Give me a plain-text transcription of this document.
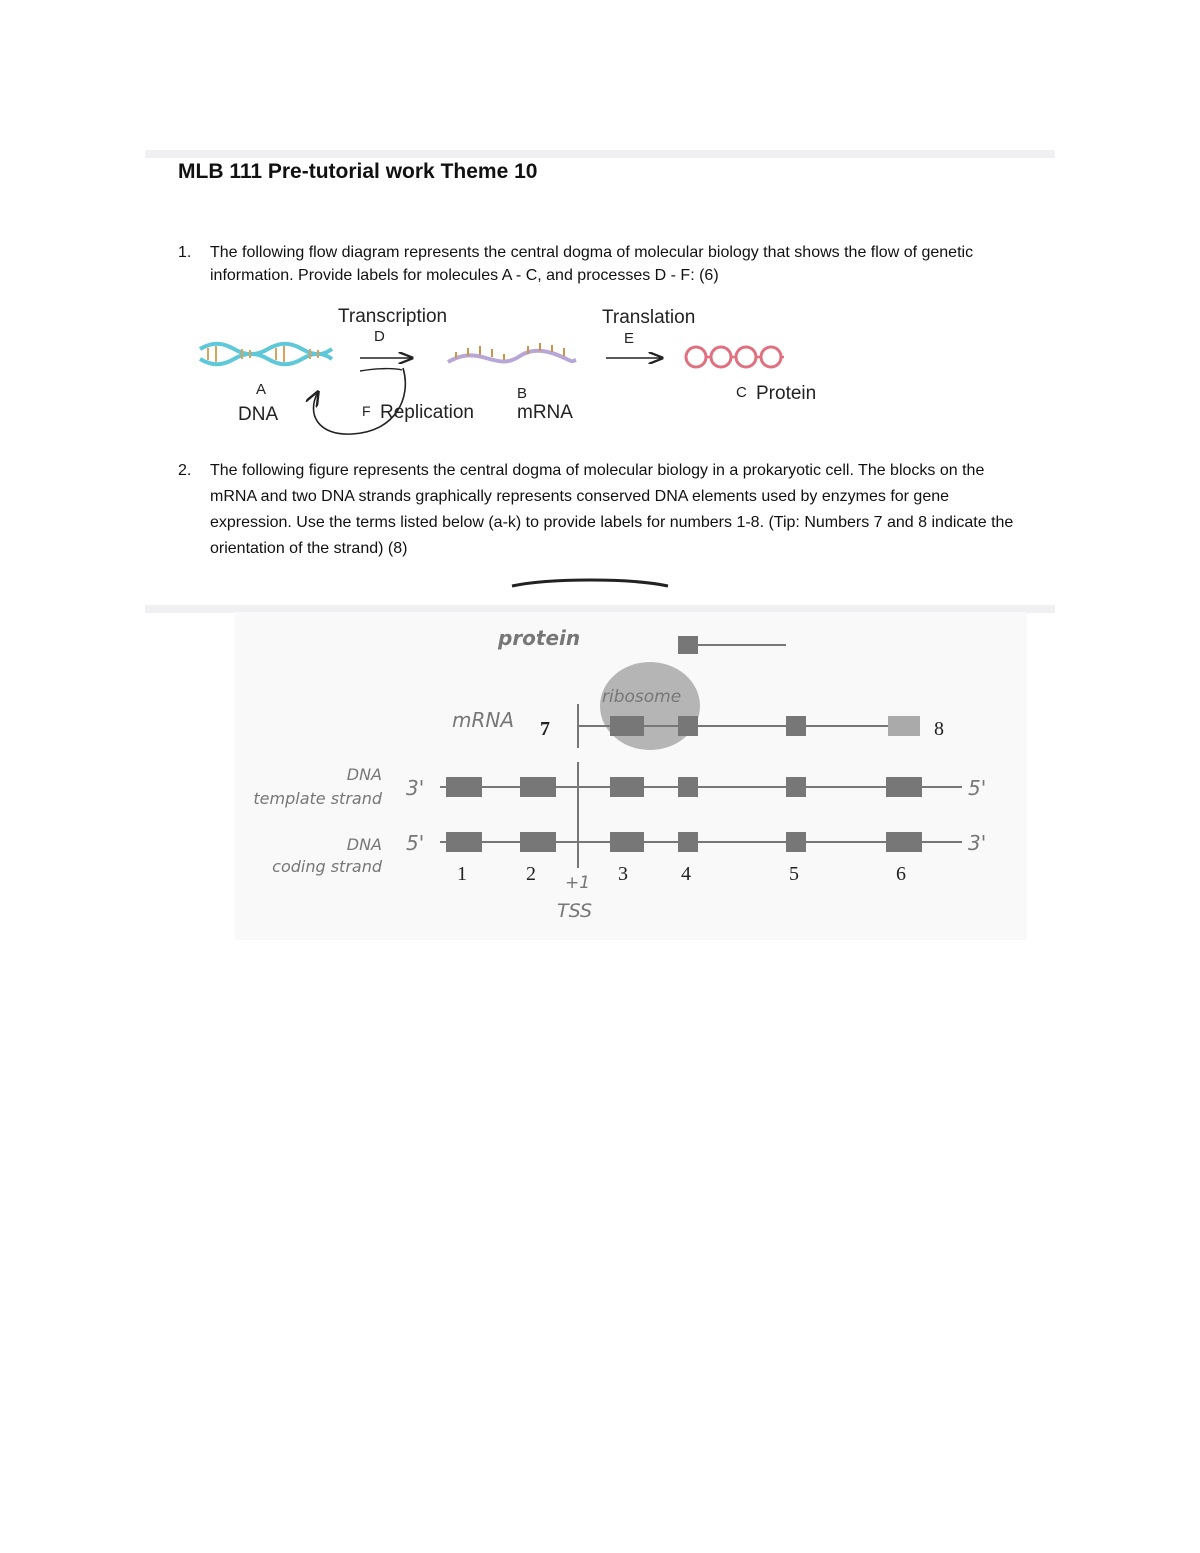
MLB 111 Pre-tutorial work Theme 10
1. The following flow diagram represents the central dogma of molecular biology that shows the flow of genetic information. Provide labels for molecules A - C, and processes D - F: (6)
Transcription
D
Translation
E
A
DNA	F Replication
B
mRNA
C Protein
2. The following figure represents the central dogma of molecular biology in a prokaryotic cell. The blocks on the mRNA and two DNA strands graphically represents conserved DNA elements used by enzymes for gene expression. Use the terms listed below (a-k) to provide labels for numbers 1-8. (Tip: Numbers 7 and 8 indicate the orientation of the strand) (8)
protein
ribosome
mRNA 7	8
DNA
template strand 3'	5'
DNA
coding strand
5'	3'
1	2 +1
TSS
3	4	5	6
